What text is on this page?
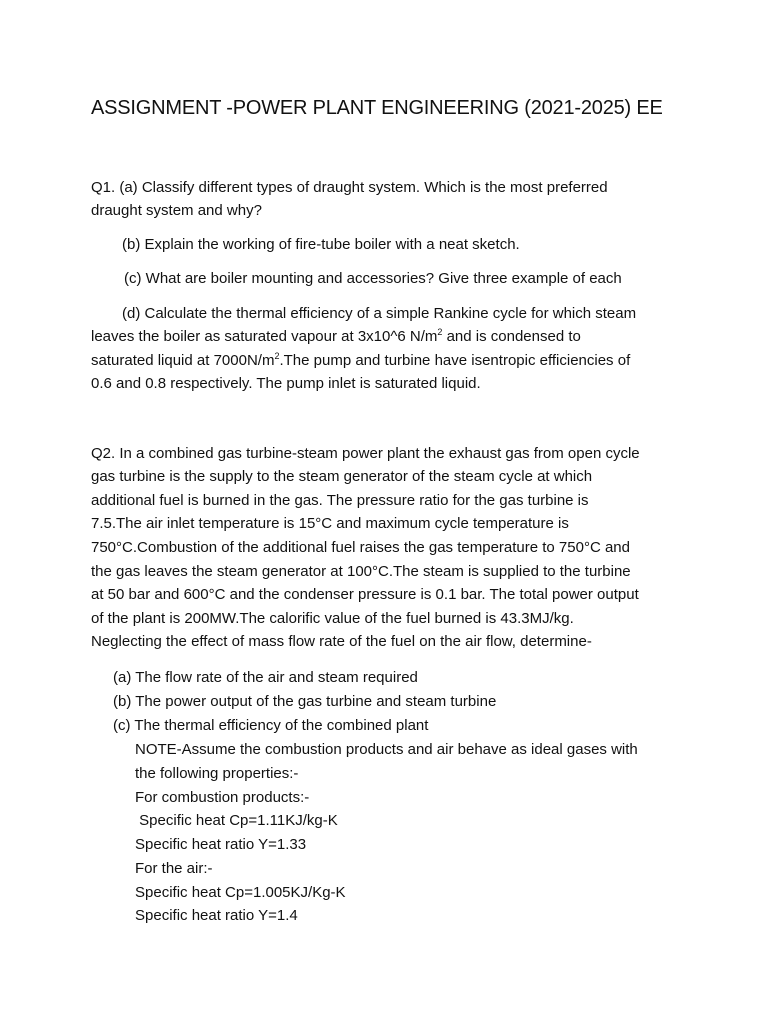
ASSIGNMENT -POWER PLANT ENGINEERING (2021-2025) EE
Q1. (a) Classify different types of draught system. Which is the most preferred
draught system and why?
(b) Explain the working of fire-tube boiler with a neat sketch.
(c) What are boiler mounting and accessories? Give three example of each
(d) Calculate the thermal efficiency of a simple Rankine cycle for which steam
leaves the boiler as saturated vapour at 3x10^6 $N/m^2$ and is condensed to
saturated liquid at $7000N/m^2.The$ pump and turbine have isentropic efficiencies of
0.6 and 0.8 respectively. The pump inlet is saturated liquid.
Q2. In a combined gas turbine-steam power plant the exhaust gas from open cycle
gas turbine is the supply to the steam generator of the steam cycle at which
additional fuel is burned in the gas. The pressure ratio for the gas turbine is
7.5.The air inlet temperature is 15°C and maximum cycle temperature is
750°C.Combustion of the additional fuel raises the gas temperature to 750°C and
the gas leaves the steam generator at 100°C.The steam is supplied to the turbine
at 50 bar and 600°C and the condenser pressure is 0.1 bar. The total power output
of the plant is 200MW.The calorific value of the fuel burned is 43.3MJ/kg.
Neglecting the effect of mass flow rate of the fuel on the air flow, determine-
(a) The flow rate of the air and steam required
(b) The power output of the gas turbine and steam turbine
(c) The thermal efficiency of the combined plant
NOTE-Assume the combustion products and air behave as ideal gases with
the following properties:-
For combustion products:-
Specific heat Cp=1.11KJ/kg-K
Specific heat ratio Y=1.33
For the air:-
Specific heat Cp=1.005KJ/Kg-K
Specific heat ratio Y=1.4
